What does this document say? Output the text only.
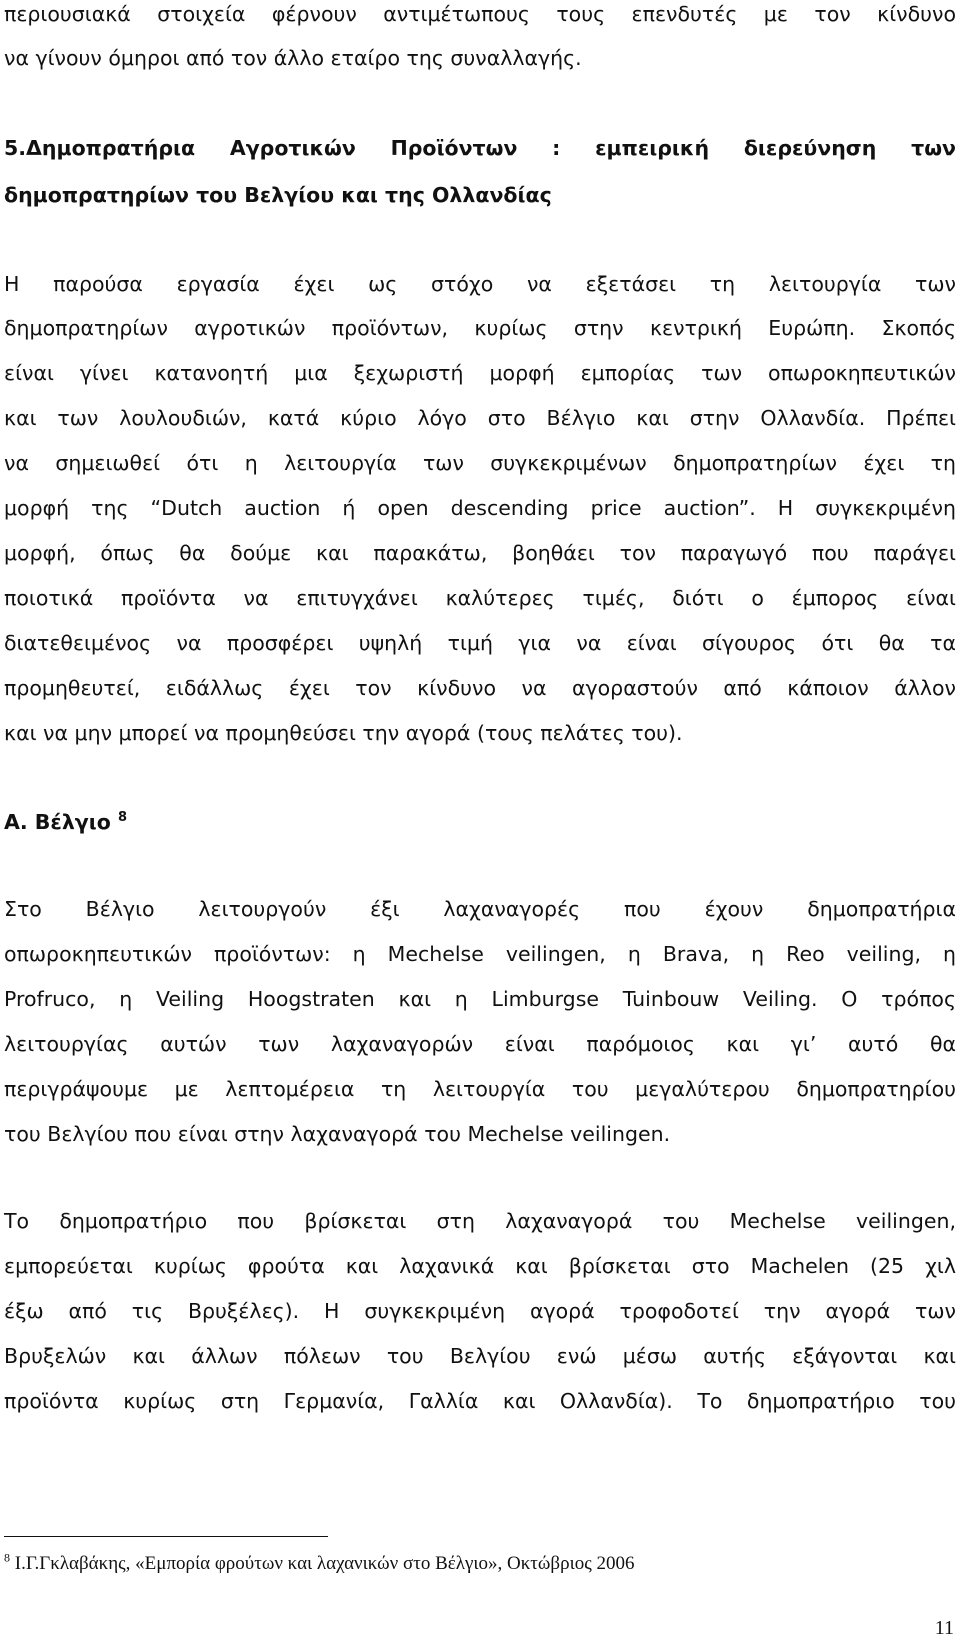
περιουσιακά στοιχεία φέρνουν αντιμέτωπους τους επενδυτές με τον κίνδυνο
να γίνουν όμηροι από τον άλλο εταίρο της συναλλαγής.
5.Δημοπρατήρια Αγροτικών Προϊόντων : εμπειρική διερεύνηση των
δημοπρατηρίων του Βελγίου και της Ολλανδίας
Η παρούσα εργασία έχει ως στόχο να εξετάσει τη λειτουργία των
δημοπρατηρίων αγροτικών προϊόντων, κυρίως στην κεντρική Ευρώπη. Σκοπός
είναι γίνει κατανοητή μια ξεχωριστή μορφή εμπορίας των οπωροκηπευτικών
και των λουλουδιών, κατά κύριο λόγο στο Βέλγιο και στην Ολλανδία. Πρέπει
να σημειωθεί ότι η λειτουργία των συγκεκριμένων δημοπρατηρίων έχει τη
μορφή της “Dutch auction ή open descending price auction”. Η συγκεκριμένη
μορφή, όπως θα δούμε και παρακάτω, βοηθάει τον παραγωγό που παράγει
ποιοτικά προϊόντα να επιτυγχάνει καλύτερες τιμές, διότι ο έμπορος είναι
διατεθειμένος να προσφέρει υψηλή τιμή για να είναι σίγουρος ότι θα τα
προμηθευτεί, ειδάλλως έχει τον κίνδυνο να αγοραστούν από κάποιον άλλον
και να μην μπορεί να προμηθεύσει την αγορά (τους πελάτες του).
Α. Βέλγιο $^8$
Στο Βέλγιο λειτουργούν έξι λαχαναγορές που έχουν δημοπρατήρια
οπωροκηπευτικών προϊόντων: η Mechelse veilingen, η Brava, η Reo veiling, η
Profruco, η Veiling Hoogstraten και η Limburgse Tuinbouw Veiling. Ο τρόπος
λειτουργίας αυτών των λαχαναγορών είναι παρόμοιος και γι’ αυτό θα
περιγράψουμε με λεπτομέρεια τη λειτουργία του μεγαλύτερου δημοπρατηρίου
του Βελγίου που είναι στην λαχαναγορά του Mechelse veilingen.
Το δημοπρατήριο που βρίσκεται στη λαχαναγορά του Mechelse veilingen,
εμπορεύεται κυρίως φρούτα και λαχανικά και βρίσκεται στο Machelen (25 χιλ
έξω από τις Βρυξέλες). Η συγκεκριμένη αγορά τροφοδοτεί την αγορά των
Βρυξελών και άλλων πόλεων του Βελγίου ενώ μέσω αυτής εξάγονται και
προϊόντα κυρίως στη Γερμανία, Γαλλία και Ολλανδία). Το δημοπρατήριο του
$^8$ Ι.Γ.Γκλαβάκης, «Εμπορία φρούτων και λαχανικών στο Βέλγιο», Οκτώβριος 2006
11
